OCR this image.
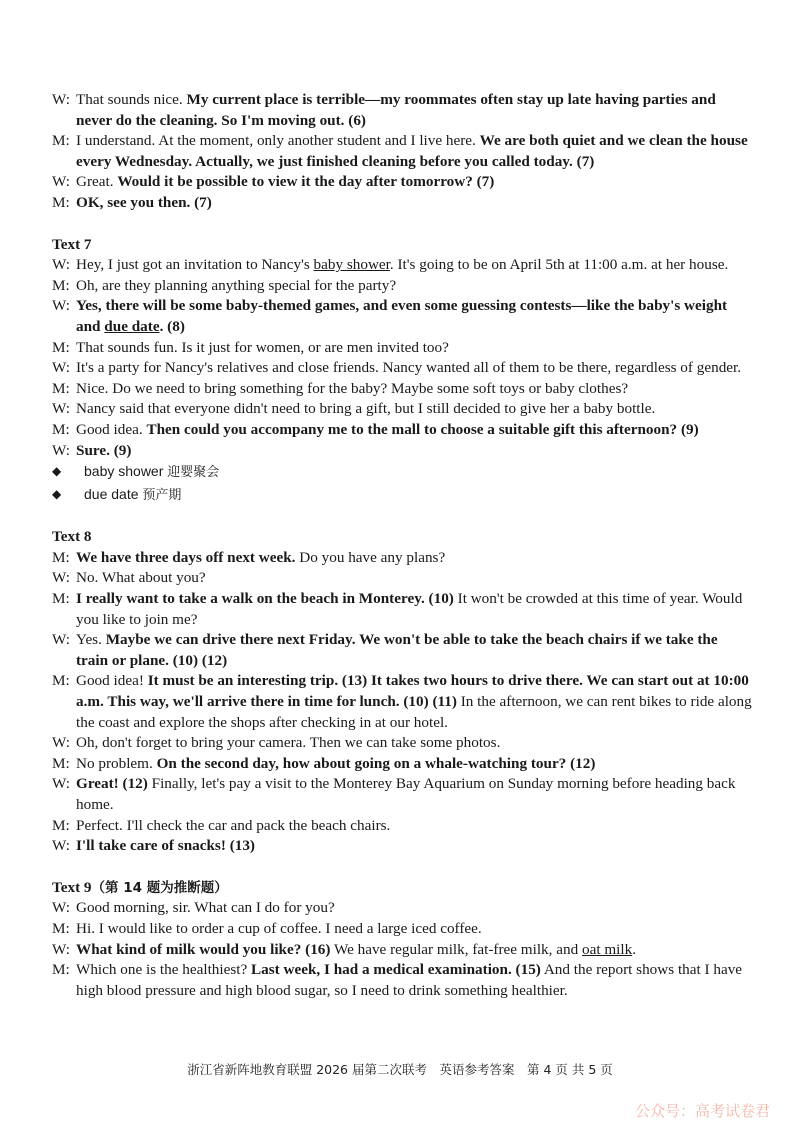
W: That sounds nice. My current place is terrible—my roommates often stay up late having parties and never do the cleaning. So I'm moving out. (6)

M: I understand. At the moment, only another student and I live here. We are both quiet and we clean the house every Wednesday. Actually, we just finished cleaning before you called today. (7)

W: Great. Would it be possible to view it the day after tomorrow? (7)

M: OK, see you then. (7)

Text 7

W: Hey, I just got an invitation to Nancy's baby shower. It's going to be on April 5th at 11:00 a.m. at her house.

M: Oh, are they planning anything special for the party?

W: Yes, there will be some baby-themed games, and even some guessing contests—like the baby's weight and due date. (8)

M: That sounds fun. Is it just for women, or are men invited too?

W: It's a party for Nancy's relatives and close friends. Nancy wanted all of them to be there, regardless of gender.

M: Nice. Do we need to bring something for the baby? Maybe some soft toys or baby clothes?

W: Nancy said that everyone didn't need to bring a gift, but I still decided to give her a baby bottle.

M: Good idea. Then could you accompany me to the mall to choose a suitable gift this afternoon? (9)

W: Sure. (9)

◆ baby shower 迎婴聚会

◆ due date 预产期

Text 8

M: We have three days off next week. Do you have any plans?

W: No. What about you?

M: I really want to take a walk on the beach in Monterey. (10) It won't be crowded at this time of year. Would you like to join me?

W: Yes. Maybe we can drive there next Friday. We won't be able to take the beach chairs if we take the train or plane. (10) (12)

M: Good idea! It must be an interesting trip. (13) It takes two hours to drive there. We can start out at 10:00 a.m. This way, we'll arrive there in time for lunch. (10) (11) In the afternoon, we can rent bikes to ride along the coast and explore the shops after checking in at our hotel.

W: Oh, don't forget to bring your camera. Then we can take some photos.

M: No problem. On the second day, how about going on a whale-watching tour? (12)

W: Great! (12) Finally, let's pay a visit to the Monterey Bay Aquarium on Sunday morning before heading back home.

M: Perfect. I'll check the car and pack the beach chairs.

W: I'll take care of snacks! (13)

Text 9（第 14 题为推断题）

W: Good morning, sir. What can I do for you?

M: Hi. I would like to order a cup of coffee. I need a large iced coffee.

W: What kind of milk would you like? (16) We have regular milk, fat-free milk, and oat milk.

M: Which one is the healthiest? Last week, I had a medical examination. (15) And the report shows that I have high blood pressure and high blood sugar, so I need to drink something healthier.

浙江省新阵地教育联盟 2026 届第二次联考　英语参考答案　第 4 页 共 5 页
公众号：高考试卷君
